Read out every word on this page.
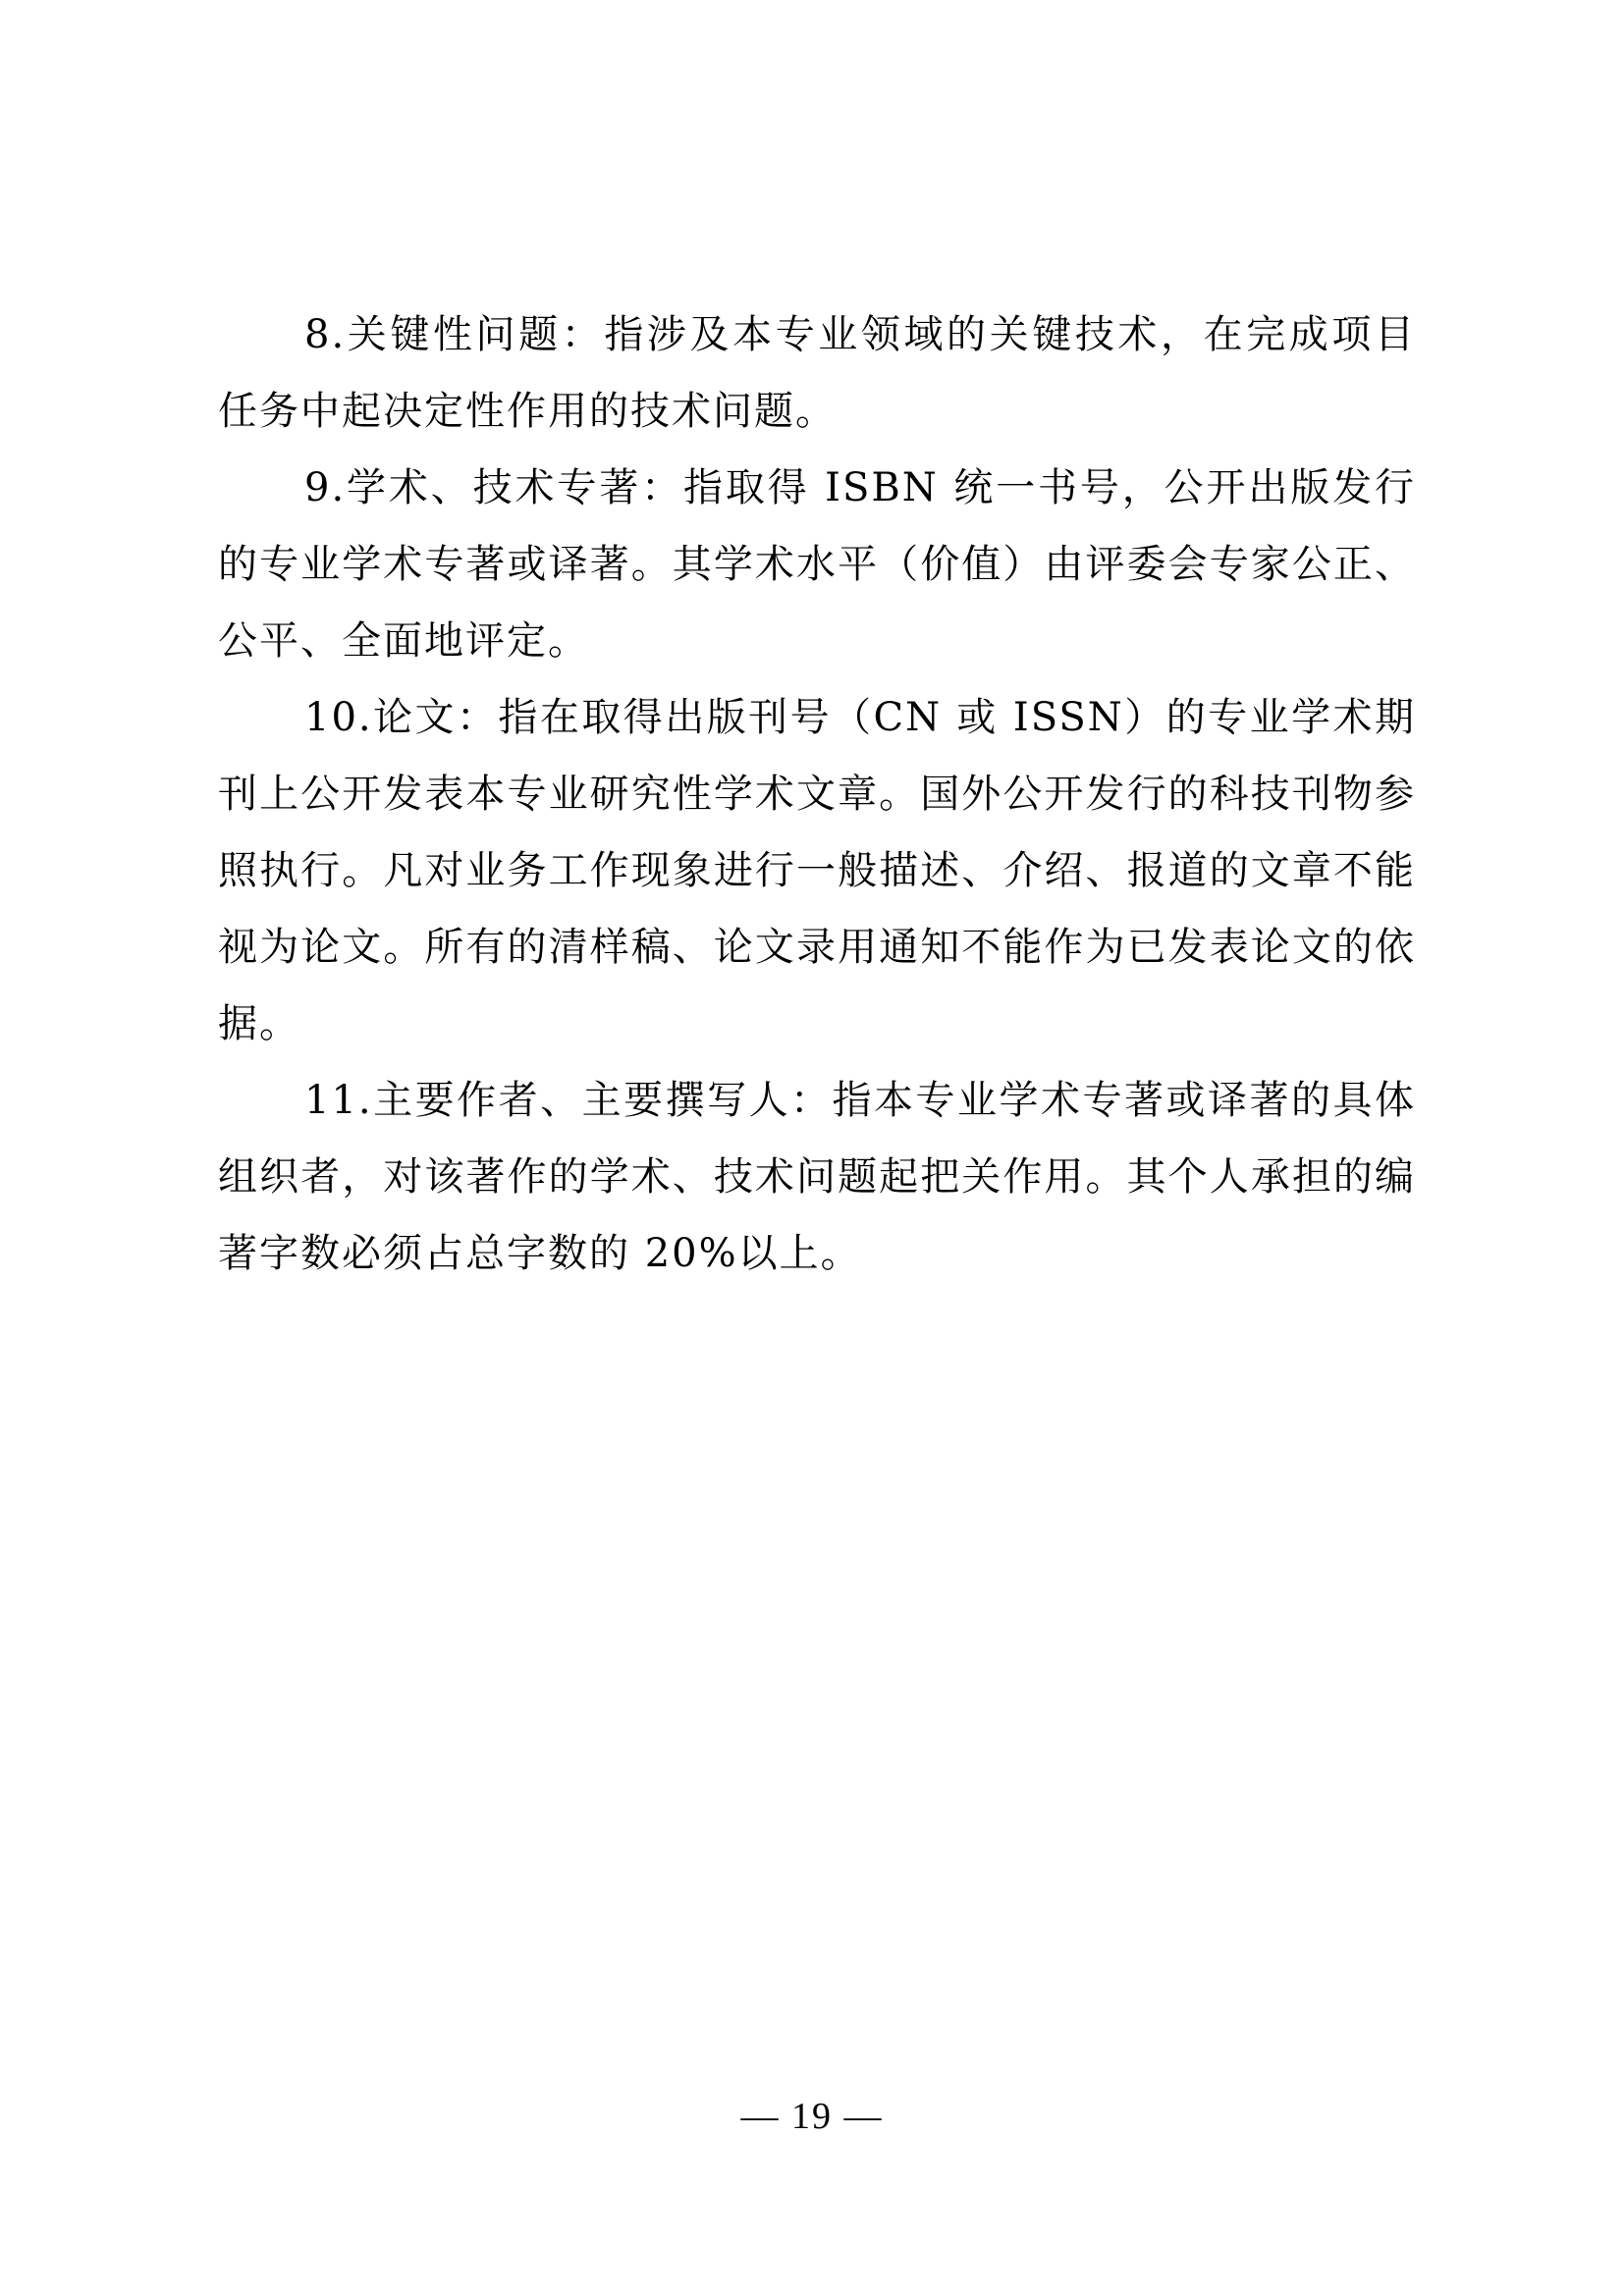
8.关键性问题：指涉及本专业领域的关键技术，在完成项目任务中起决定性作用的技术问题。

9.学术、技术专著：指取得 ISBN 统一书号，公开出版发行的专业学术专著或译著。其学术水平（价值）由评委会专家公正、公平、全面地评定。

10.论文：指在取得出版刊号（CN 或 ISSN）的专业学术期刊上公开发表本专业研究性学术文章。国外公开发行的科技刊物参照执行。凡对业务工作现象进行一般描述、介绍、报道的文章不能视为论文。所有的清样稿、论文录用通知不能作为已发表论文的依据。

11.主要作者、主要撰写人：指本专业学术专著或译著的具体组织者，对该著作的学术、技术问题起把关作用。其个人承担的编著字数必须占总字数的 20%以上。

— 19 —
